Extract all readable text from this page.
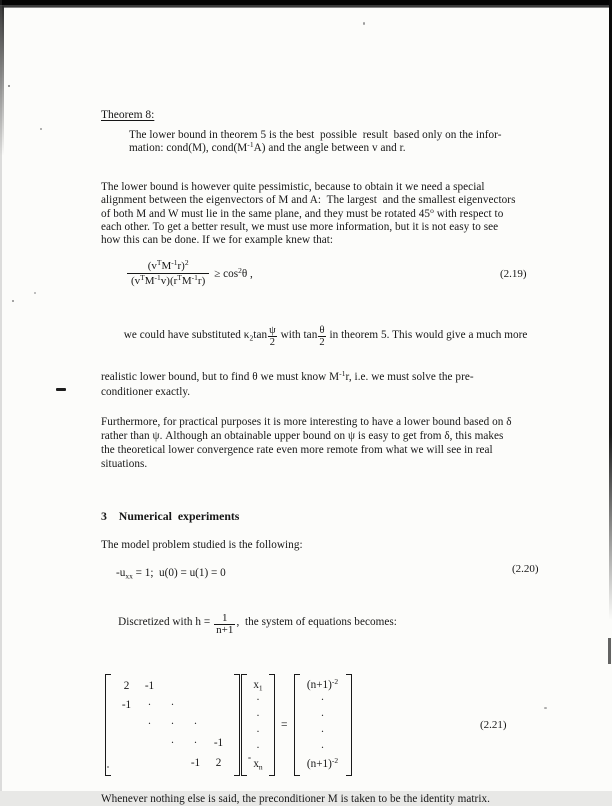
Theorem 8:
The lower bound in theorem 5 is the best  possible  result  based only on the infor-
mation: cond(M), $cond(M^{-1}A)$ and the angle between v and r.
The lower bound is however quite pessimistic, because to obtain it we need a special
alignment between the eigenvectors of M and A:  The largest  and the smallest eigenvectors
of both M and W must lie in the same plane, and they must be rotated 45$^o$ with respect to
each other. To get a better result, we must use more information, but it is not easy to see
how this can be done. If we for example knew that:
$\frac{(v^TM^{-1}r)^2}{(v^TM^{-1}v)(r^TM^{-1}r)} \ge \cos^2\theta$ ,	(2.19)

we could have substituted $\kappa_2\tan \frac{\psi}{2}$ with $\tan \frac{\theta}{2}$ in theorem 5. This would give a much more

realistic lower bound, but to find θ we must know $M^{-1}r$, i.e. we must solve the pre-
conditioner exactly.
Furthermore, for practical purposes it is more interesting to have a lower bound based on δ
rather than ψ. Although an obtainable upper bound on ψ is easy to get from δ, this makes
the theoretical lower convergence rate even more remote from what we will see in real
situations.
3  Numerical experiments
The model problem studied is the following:
$-u_{xx} = 1$;  u(0) = u(1) = 0	(2.20)

Discretized with $h = \frac{1}{n+1}$ ,  the system of equations becomes:

2	-1
-1	·	·
·	·	·
·	·	-1
-1	2
$x_1$
·
·
·
·
$x_n$
=
$(n+1)^{-2}$
·
·
·
·
$(n+1)^{-2}$
(2.21)
Whenever nothing else is said, the preconditioner M is taken to be the identity matrix.
